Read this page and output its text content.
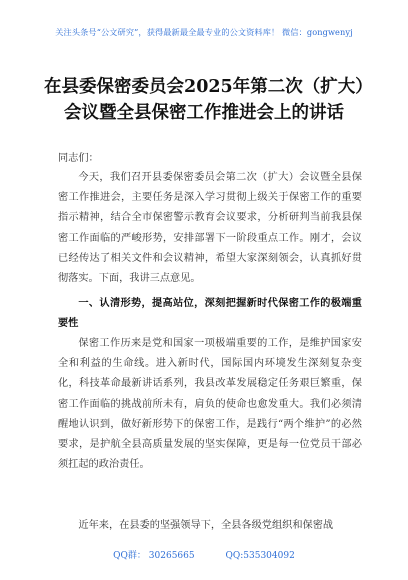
关注头条号“公文研究”，获得最新最全最专业的公文资料库！ 微信：gongwenyj
在县委保密委员会2025年第二次（扩大）会议暨全县保密工作推进会上的讲话
同志们：
今天，我们召开县委保密委员会第二次（扩大）会议暨全县保密工作推进会，主要任务是深入学习贯彻上级关于保密工作的重要指示精神，结合全市保密警示教育会议要求，分析研判当前我县保密工作面临的严峻形势，安排部署下一阶段重点工作。刚才，会议已经传达了相关文件和会议精神，希望大家深刻领会，认真抓好贯彻落实。下面，我讲三点意见。
一、认清形势，提高站位，深刻把握新时代保密工作的极端重要性
保密工作历来是党和国家一项极端重要的工作，是维护国家安全和利益的生命线。进入新时代，国际国内环境发生深刻复杂变化，科技革命最新讲话系列，我县改革发展稳定任务艰巨繁重，保密工作面临的挑战前所未有，肩负的使命也愈发重大。我们必须清醒地认识到，做好新形势下的保密工作，是践行“两个维护”的必然要求，是护航全县高质量发展的坚实保障，更是每一位党员干部必须扛起的政治责任。
近年来，在县委的坚强领导下，全县各级党组织和保密战
QQ群： 30265665	QQ:535304092
